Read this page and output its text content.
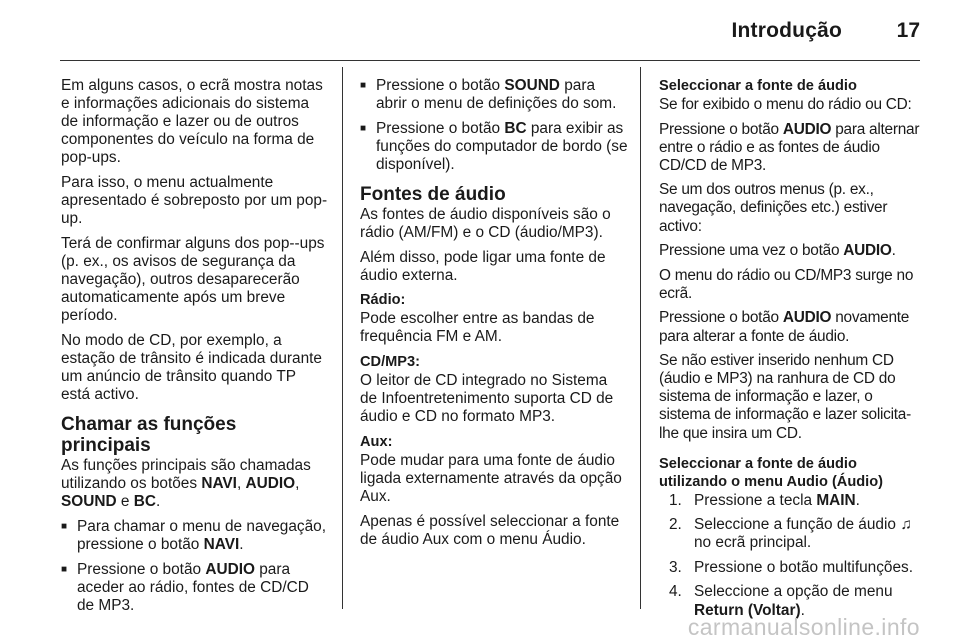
Introdução	17

Em alguns casos, o ecrã mostra notas e informações adicionais do sistema de informação e lazer ou de outros componentes do veículo na forma de pop-ups.

Para isso, o menu actualmente apresentado é sobreposto por um pop-up.

Terá de confirmar alguns dos pop--ups (p. ex., os avisos de segurança da navegação), outros desaparecerão automaticamente após um breve período.

No modo de CD, por exemplo, a estação de trânsito é indicada durante um anúncio de trânsito quando TP está activo.

Chamar as funções principais

As funções principais são chamadas utilizando os botões NAVI, AUDIO, SOUND e BC.

■ Para chamar o menu de navegação, pressione o botão NAVI.
■ Pressione o botão AUDIO para aceder ao rádio, fontes de CD/CD de MP3.
■ Pressione o botão SOUND para abrir o menu de definições do som.
■ Pressione o botão BC para exibir as funções do computador de bordo (se disponível).
Fontes de áudio

As fontes de áudio disponíveis são o rádio (AM/FM) e o CD (áudio/MP3).

Além disso, pode ligar uma fonte de áudio externa.

Rádio:

Pode escolher entre as bandas de frequência FM e AM.

CD/MP3:

O leitor de CD integrado no Sistema de Infoentretenimento suporta CD de áudio e CD no formato MP3.

Aux:

Pode mudar para uma fonte de áudio ligada externamente através da opção Aux.

Apenas é possível seleccionar a fonte de áudio Aux com o menu Áudio.

Seleccionar a fonte de áudio

Se for exibido o menu do rádio ou CD:

Pressione o botão AUDIO para alternar entre o rádio e as fontes de áudio CD/CD de MP3.

Se um dos outros menus (p. ex., navegação, definições etc.) estiver activo:

Pressione uma vez o botão AUDIO.

O menu do rádio ou CD/MP3 surge no ecrã.

Pressione o botão AUDIO novamente para alterar a fonte de áudio.

Se não estiver inserido nenhum CD (áudio e MP3) na ranhura de CD do sistema de informação e lazer, o sistema de informação e lazer solicita-lhe que insira um CD.

Seleccionar a fonte de áudio utilizando o menu Audio (Áudio)
1. Pressione a tecla MAIN.
2. Seleccione a função de áudio ♫ no ecrã principal.
3. Pressione o botão multifunções.
4. Seleccione a opção de menu Return (Voltar).
carmanualsonline.info
